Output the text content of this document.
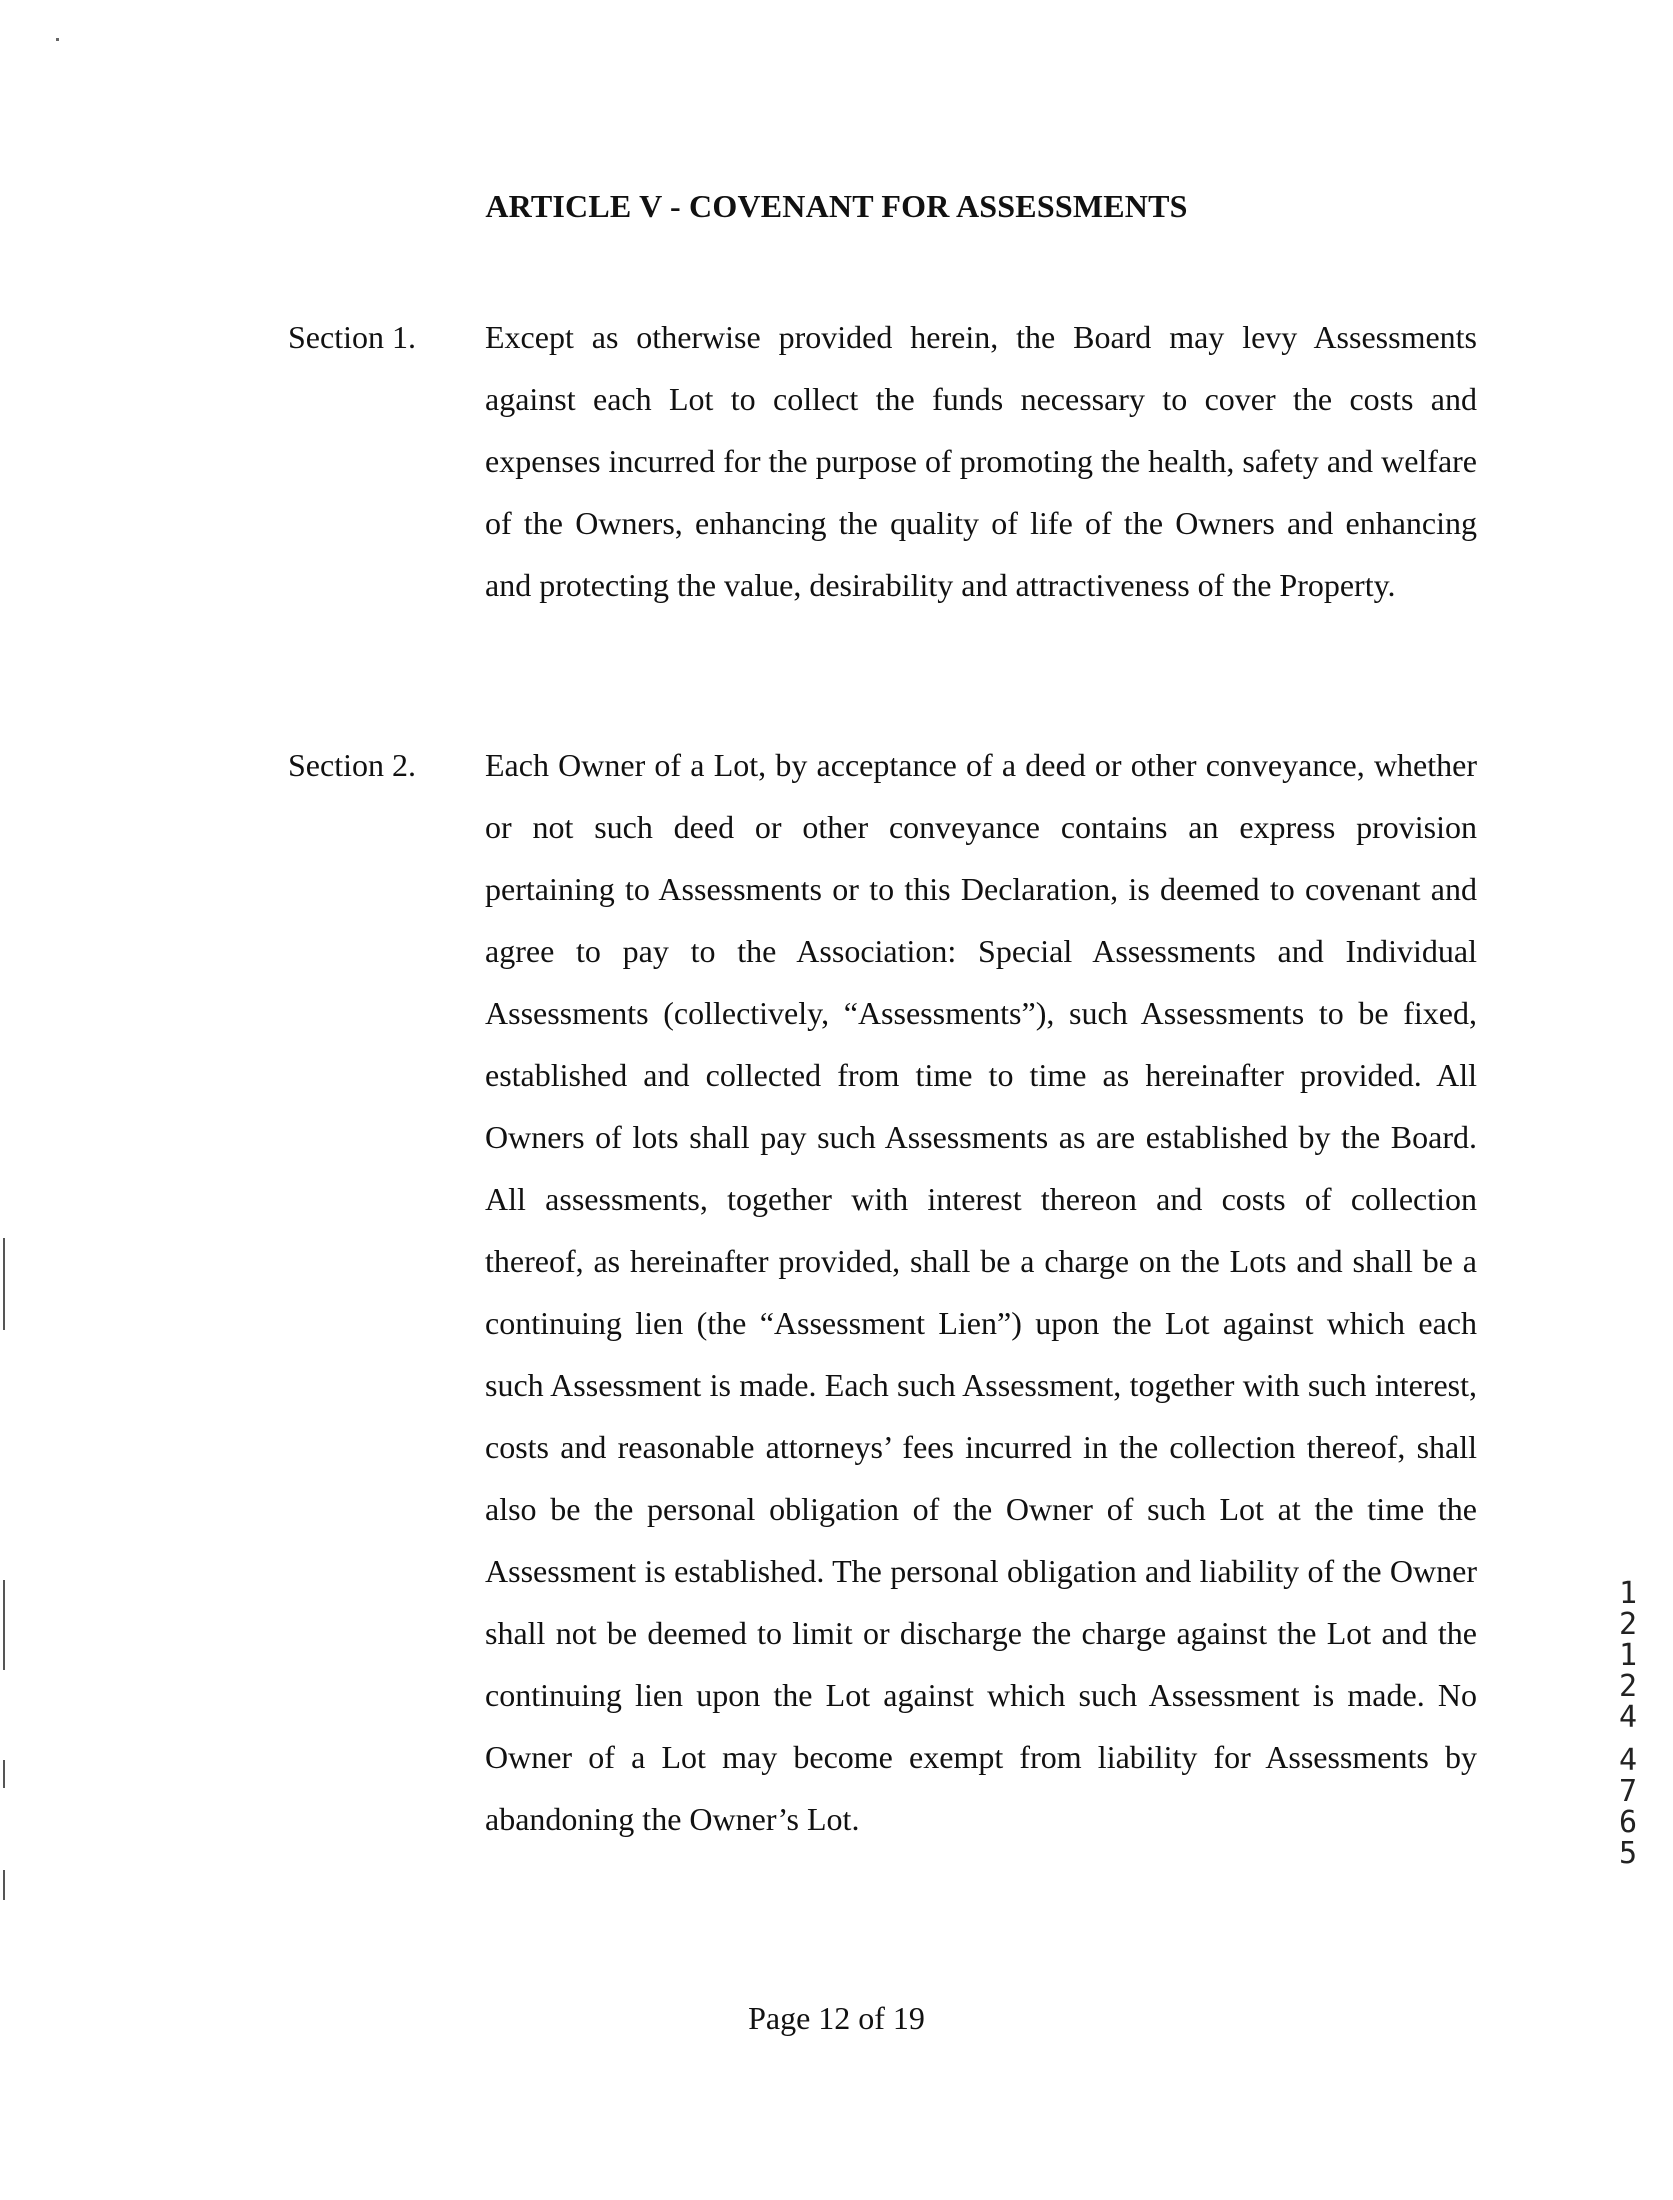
ARTICLE V - COVENANT FOR ASSESSMENTS
Section 1. Except as otherwise provided herein, the Board may levy Assessments against each Lot to collect the funds necessary to cover the costs and expenses incurred for the purpose of promoting the health, safety and welfare of the Owners, enhancing the quality of life of the Owners and enhancing and protecting the value, desirability and attractiveness of the Property.
Section 2. Each Owner of a Lot, by acceptance of a deed or other conveyance, whether or not such deed or other conveyance contains an express provision pertaining to Assessments or to this Declaration, is deemed to covenant and agree to pay to the Association: Special Assessments and Individual Assessments (collectively, “Assessments”), such Assessments to be fixed, established and collected from time to time as hereinafter provided. All Owners of lots shall pay such Assessments as are established by the Board. All assessments, together with interest thereon and costs of collection thereof, as hereinafter provided, shall be a charge on the Lots and shall be a continuing lien (the “Assessment Lien”) upon the Lot against which each such Assessment is made. Each such Assessment, together with such interest, costs and reasonable attorneys’ fees incurred in the collection thereof, shall also be the personal obligation of the Owner of such Lot at the time the Assessment is established. The personal obligation and liability of the Owner shall not be deemed to limit or discharge the charge against the Lot and the continuing lien upon the Lot against which such Assessment is made. No Owner of a Lot may become exempt from liability for Assessments by abandoning the Owner’s Lot.
Page 12 of 19
1
2
1
2
4
4
7
6
5
